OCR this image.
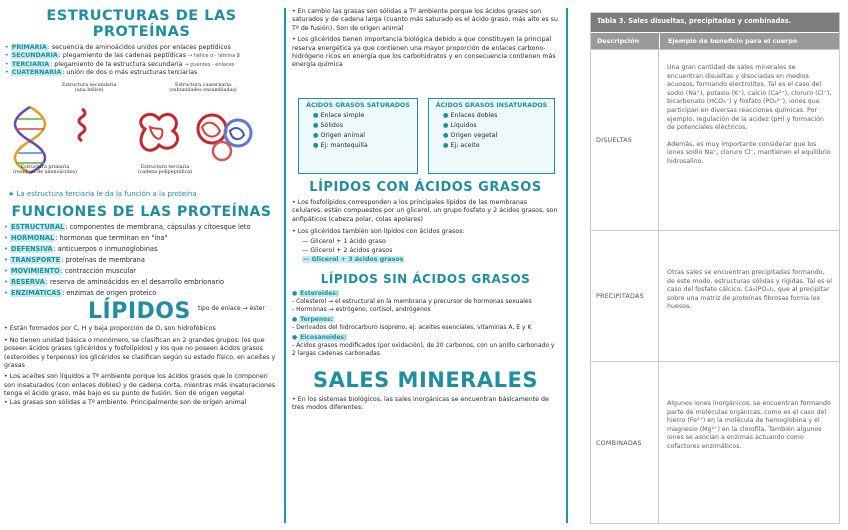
ESTRUCTURAS DE LAS PROTEÍNAS

• PRIMARIA: secuencia de aminoácidos unidos por enlaces peptídicos

• SECUNDARIA: plegamiento de las cadenas peptídicas → hélice α · lámina β

• TERCIARIA: plegamiento de la estructura secundaria → puentes · enlaces

• CUATERNARIA: unión de dos o más estructuras terciarias

Estructura secundaria
(una hélice)
Estructura cuaternaria
(subunidades ensambladas)
Estructura primaria
(residuos de aminoácidos)
Estructura terciaria
(cadena polipeptídica)
★ La estructura terciaria le da la función a la proteína
FUNCIONES DE LAS PROTEÍNAS
• ESTRUCTURAL: componentes de membrana, cápsulas y citoesque leto
• HORMONAL: hormonas que terminan en "ina"
• DEFENSIVA: anticuerpos o inmunoglobinas
• TRANSPORTE: proteínas de membrana
• MOVIMIENTO: contracción muscular
• RESERVA: reserva de aminoácidos en el desarrollo embrionario
• ENZIMÁTICAS: enzimas de origen proteico
LÍPIDOS tipo de enlace → éster

• Están formados por C, H y baja proporción de O, son hidrofóbicos

• No tienen unidad básica o monómero, se clasifican en 2 grandes grupos: los que poseen ácidos grasos (glicéridos y fosfolípidos) y los que no poseen ácidos grasos (esteroides y terpenos) los glicéridos se clasifican según su estado físico, en aceites y grasas

• Los aceites son líquidos a Tº ambiente porque los ácidos grasos que lo componen son insaturados (con enlaces dobles) y de cadena corta, mientras más insaturaciones tenga el ácido graso, más bajo es su punto de fusión. Son de origen vegetal

• Las grasas son sólidas a Tº ambiente. Principalmente son de origen animal

• En cambio las grasas son sólidas a Tº ambiente porque los ácidos grasos son saturados y de cadena larga (cuanto más saturado es el ácido graso, más alto es su Tº de fusión). Son de origen animal

• Los glicéridos tienen importancia biológica debido a que constituyen la principal reserva energética ya que contienen una mayor proporción de enlaces carbono-hidrógeno ricos en energía que los carbohidratos y en consecuencia contienen más energía química

ÁCIDOS GRASOS SATURADOS
● Enlace simple
● Sólidos
● Origen animal
● Ej: mantequilla
ÁCIDOS GRASOS INSATURADOS
● Enlaces dobles
● Líquidos
● Origen vegetal
● Ej: aceite
LÍPIDOS CON ÁCIDOS GRASOS

• Los fosfolípidos corresponden a los principales lípidos de las membranas celulares, están compuestos por un glicerol, un grupo fosfato y 2 ácidos grasos, son anfipáticos (cabeza polar, colas apolares)

• Los glicéridos también son lípidos con ácidos grasos:

— Glicerol + 1 ácido graso
— Glicerol + 2 ácidos grasos
— Glicerol + 3 ácidos grasos
LÍPIDOS SIN ÁCIDOS GRASOS
● Esteroides:
- Colesterol → el estructural en la membrana y precursor de hormonas sexuales
- Hormonas → estrógeno, cortisol, andrógenos
● Terpenos:
- Derivados del hidrocarburo isopreno, ej: aceites esenciales, vitaminas A, E y K
● Eicosanoides:
- Ácidos grasos modificados (por oxidación), de 20 carbonos, con un anillo carbonado y 2 largas cadenas carbonadas
SALES MINERALES

• En los sistemas biológicos, las sales inorgánicas se encuentran básicamente de tres modos diferentes:

Tabla 3. Sales disueltas, precipitadas y combinadas.
Descripción	Ejemplo de beneficio para el cuerpo
DISUELTAS

Una gran cantidad de sales minerales se encuentran disueltas y disociadas en medios acuosos, formando electrolitos. Tal es el caso del sodio (Na⁺), potasio (K⁺), calcio (Ca²⁺), cloruro (Cl⁻), bicarbonato (HCO₃⁻) y fosfato (PO₄³⁻), iones que participan en diversas reacciones químicas. Por ejemplo, regulación de la acidez (pH) y formación de potenciales eléctricos.

Además, es muy importante considerar que los iones sodio Na⁺, cloruro Cl⁻, mantienen el equilibrio hidrosalino.

PRECIPITADAS

Otras sales se encuentran precipitadas formando, de este modo, estructuras sólidas y rígidas. Tal es el caso del fosfato cálcico, Ca₃(PO₄)₂, que al precipitar sobre una matriz de proteínas fibrosas forma los huesos.

COMBINADAS

Algunos iones inorgánicos, se encuentran formando parte de moléculas orgánicas, como es el caso del hierro (Fe²⁺) en la molécula de hemoglobina y el magnesio (Mg²⁺) en la clorofila. También algunos iones se asocian a enzimas actuando como cofactores enzimáticos.
